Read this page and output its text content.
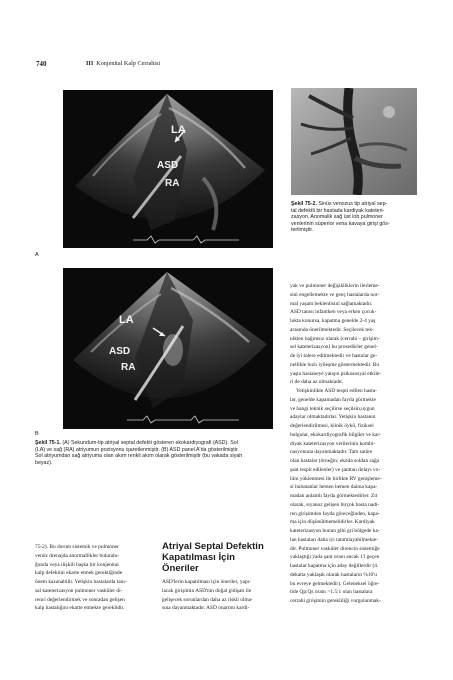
740	III Konjenital Kalp Cerrahisi
LA
ASD
RA
A
Şekil 75-2. Sinüs venozus tip atriyal sep-
tal defektli bir hastada kardiyak kateteri-
zasyon. Anomalik sağ üst lob pulmoner
venlerinin süperior vena kavaya girişi gös-
terilmiştir.
LA
ASD
RA
B
Şekil 75-1. (A) Sekundum-tip atriyal septal defekti gösteren ekokardiyografi (ASD). Sol
(LA) ve sağ (RA) atriyumun pozisyonu işaretlenmiştir. (B) ASD panel A'da gösterilmiştir.
Sol atriyumdan sağ atriyuma olan akım renkli akım olarak gösterilmiştir (bu vakada siyah
beyaz).

yak ve pulmoner değişikliklerin ilerleme-
sini engellemekte ve genç hastalarda nor-
mal yaşam beklentisini sağlamaktadır.
ASD tanısı infantken veya erken çocuk-
lukta konursa, kapatma genelde 2-4 yaş
arasında önerilmektedir. Seçilecek tek-
nikten bağımsız olarak (cerrahi – girişim-
sel kateterizasyon) bu prosedürler genel-
de iyi tolere edilmektedir ve hastalar ge-
nellikle hızlı iyileşme göstermektedir. Bu
yaşta hastaneye yatışın psikososyal etkile-
ri de daha az olmaktadır.

Yetişkinlikte ASD tespit edilen hasta-
lar, genelde kapamadan fayda görmekte
ve hangi teknik seçilirse seçilsin,uygun
adaylar olmaktadırlar. Yetişkin hastanın
değerlendirilmesi, klinik öykü, fiziksel
bulgular, ekokardiyografik bilgiler ve kar-
diyak kateterizasyon verilerinin kombi-
nasyonuna dayanmaktadır. Tam satüre
olan hastalar (örneğin; ekoda soldan sağa
şant tespit edilenler) ve şanttan dolayı vo-
lüm yüklenmesi ile birlikte RV genişleme-
si bulunanlar hemen hemen daima kapa-
madan anlamlı fayda görmektedirler. Zıt
olarak, siyanoz gelişen birçok hasta nadi-
ren girişimden fayda göreceğinden, kapa-
ma için düşünülmemelidirler. Kardiyak
kateterizasyon bunun gibi gri bölgede ka-
lan hastaları daha iyi tanımlayabilmekte-
dir. Pulmoner vasküler direncin sistemiğe
yaklaştığı yada şant oranı ancak 1'i geçen
hastalar kapatma için aday değillerdir (4.
dekatta yaklaşık olarak hastaların %10'u
bu evreye gelmektedir). Geleneksel öğre-
tide Qp:Qs oranı >1.5:1 olan hastalara
cerrahi girişimin gerekliliği vurgulanmak-

75-2). Bu durum sistemik ve pulmoner
venöz drenajda anormallikler bulundu-
ğunda veya ilişkili başka bir konjenital
kalp defektini ekarte etmek gerektiğinde
önem kazanabilir. Yetişkin hastalarda tanı-
sal kateterizasyon pulmoner vasküler di-
renci değerlendirmek ve sonradan gelişen
kalp hastalığını ekarte etmekte gereklidir.
Atriyal Septal Defektin
Kapatılması İçin
Öneriler
ASD'lerin kapatılması için öneriler, yapı-
lacak girişimin ASD'nin doğal gidişatı ile
gelişecek sorunlardan daha az riskli olma-
sına dayanmaktadır. ASD onarımı kardi-
